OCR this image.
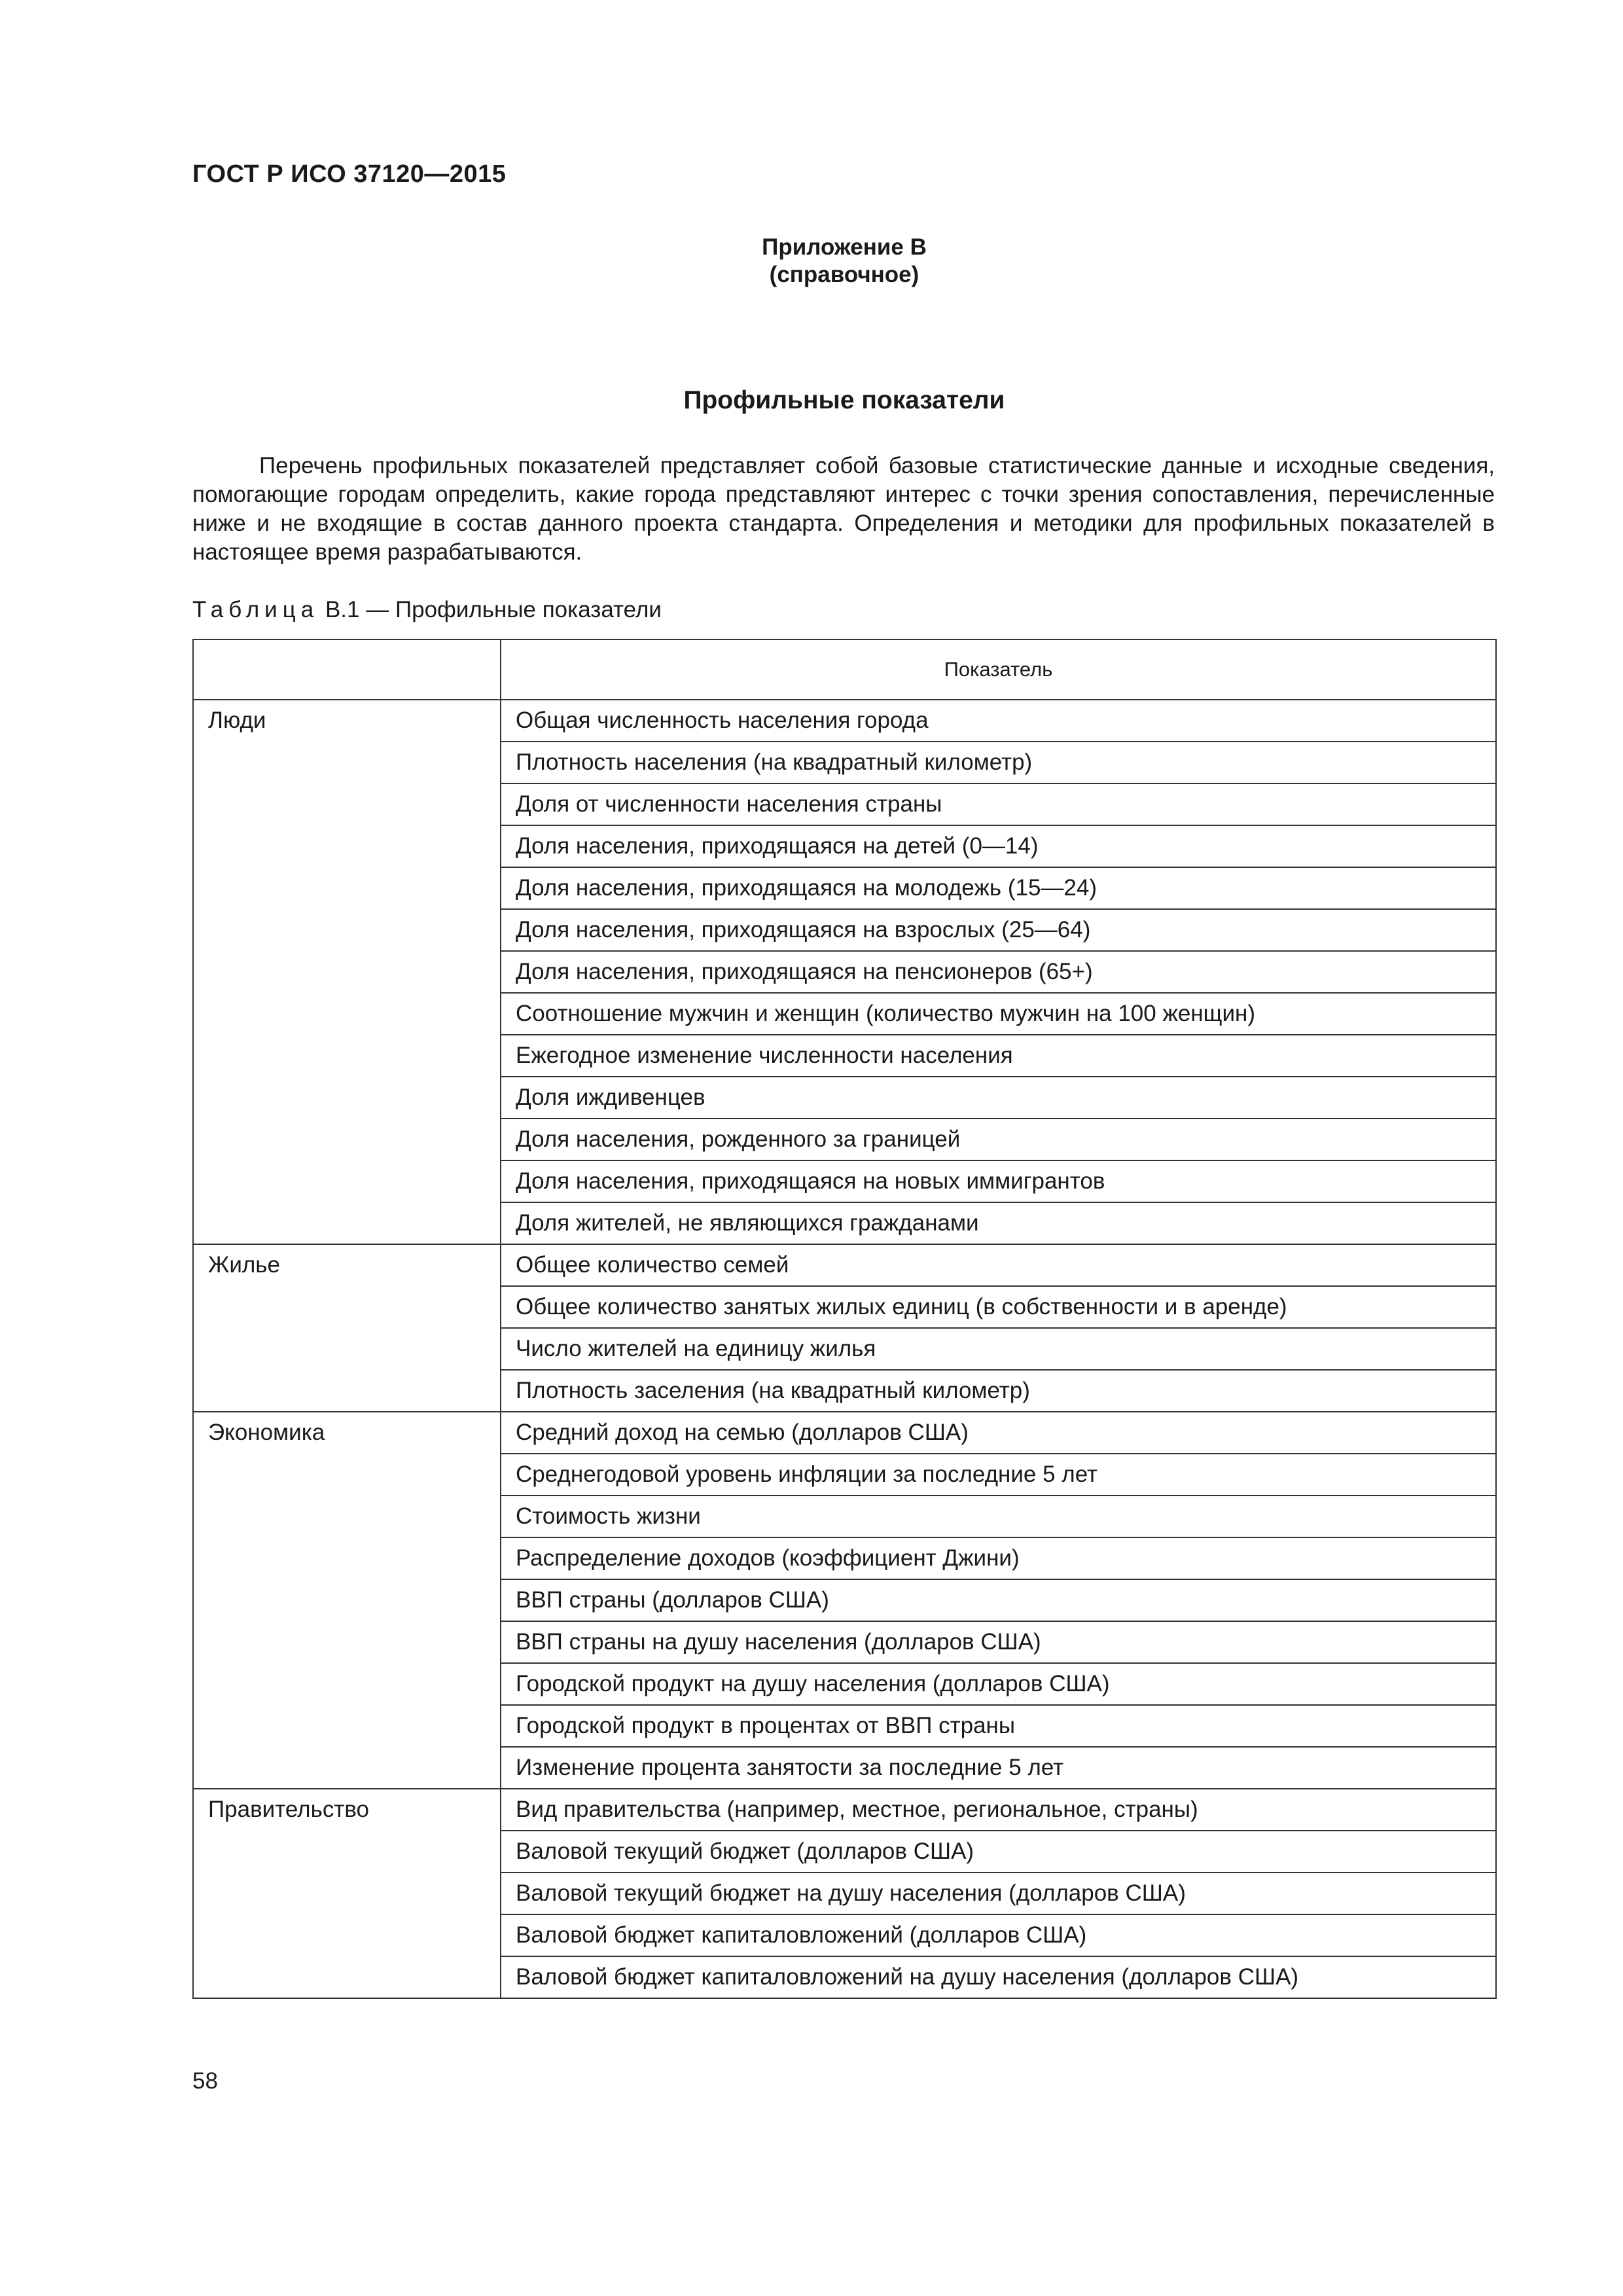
ГОСТ Р ИСО 37120—2015
Приложение В
(справочное)
Профильные показатели

Перечень профильных показателей представляет собой базовые статистические данные и исходные сведения, помогающие городам определить, какие города представляют интерес с точки зрения сопоставления, перечисленные ниже и не входящие в состав данного проекта стандарта. Определения и методики для профильных показателей в настоящее время разрабатываются.

Таблица В.1 — Профильные показатели
	Показатель
Люди	Общая численность населения города
	Плотность населения (на квадратный километр)
	Доля от численности населения страны
	Доля населения, приходящаяся на детей (0—14)
	Доля населения, приходящаяся на молодежь (15—24)
	Доля населения, приходящаяся на взрослых (25—64)
	Доля населения, приходящаяся на пенсионеров (65+)
	Соотношение мужчин и женщин (количество мужчин на 100 женщин)
	Ежегодное изменение численности населения
	Доля иждивенцев
	Доля населения, рожденного за границей
	Доля населения, приходящаяся на новых иммигрантов
	Доля жителей, не являющихся гражданами
Жилье	Общее количество семей
	Общее количество занятых жилых единиц (в собственности и в аренде)
	Число жителей на единицу жилья
	Плотность заселения (на квадратный километр)
Экономика	Средний доход на семью (долларов США)
	Среднегодовой уровень инфляции за последние 5 лет
	Стоимость жизни
	Распределение доходов (коэффициент Джини)
	ВВП страны (долларов США)
	ВВП страны на душу населения (долларов США)
	Городской продукт на душу населения (долларов США)
	Городской продукт в процентах от ВВП страны
	Изменение процента занятости за последние 5 лет
Правительство	Вид правительства (например, местное, региональное, страны)
	Валовой текущий бюджет (долларов США)
	Валовой текущий бюджет на душу населения (долларов США)
	Валовой бюджет капиталовложений (долларов США)
	Валовой бюджет капиталовложений на душу населения (долларов США)
58
